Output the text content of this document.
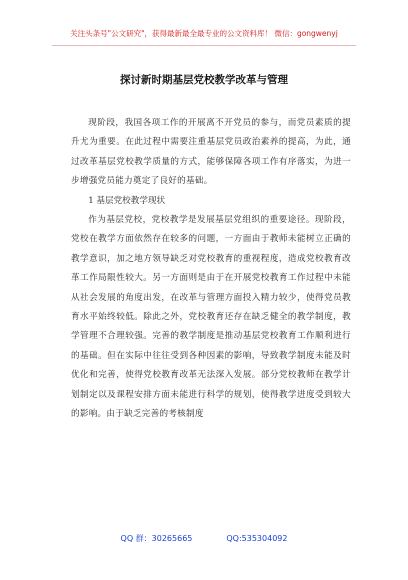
关注头条号"公文研究"，获得最新最全最专业的公文资料库！ 微信：gongwenyj
探讨新时期基层党校教学改革与管理

现阶段，我国各项工作的开展离不开党员的参与，而党员素质的提升尤为重要。在此过程中需要注重基层党员政治素养的提高，为此，通过改革基层党校教学质量的方式，能够保障各项工作有序落实，为进一步增强党员能力奠定了良好的基础。

1 基层党校教学现状

作为基层党校，党校教学是发展基层党组织的重要途径。现阶段，党校在教学方面依然存在较多的问题，一方面由于教师未能树立正确的教学意识，加之地方领导缺乏对党校教育的重视程度，造成党校教育改革工作局限性较大。另一方面则是由于在开展党校教育工作过程中未能从社会发展的角度出发，在改革与管理方面投入精力较少，使得党员教育水平始终较低。除此之外，党校教育还存在缺乏健全的教学制度，教学管理不合理较强。完善的教学制度是推动基层党校教育工作顺利进行的基础。但在实际中往往受到各种因素的影响，导致教学制度未能及时优化和完善，使得党校教育改革无法深入发展。部分党校教师在教学计划制定以及课程安排方面未能进行科学的规划，使得教学进度受到较大的影响。由于缺乏完善的考核制度

QQ 群：30265665	QQ:535304092
